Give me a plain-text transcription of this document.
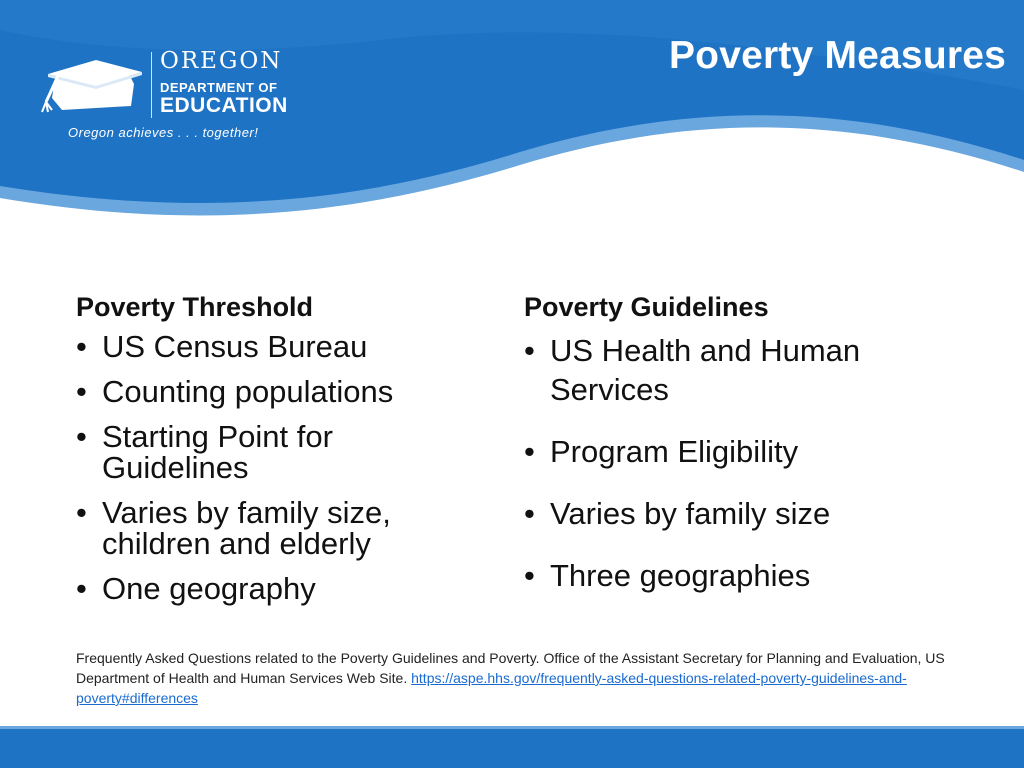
Poverty Measures
OREGON
DEPARTMENT OF
EDUCATION
Oregon achieves . . . together!
Poverty Threshold
• US Census Bureau
• Counting populations
• Starting Point for
Guidelines
• Varies by family size,
children and elderly
• One geography
Poverty Guidelines
• US Health and Human
Services
• Program Eligibility
• Varies by family size
• Three geographies
Frequently Asked Questions related to the Poverty Guidelines and Poverty. Office of the Assistant Secretary for Planning and Evaluation, US Department of Health and Human Services Web Site. https://aspe.hhs.gov/frequently-asked-questions-related-poverty-guidelines-and-poverty#differences
